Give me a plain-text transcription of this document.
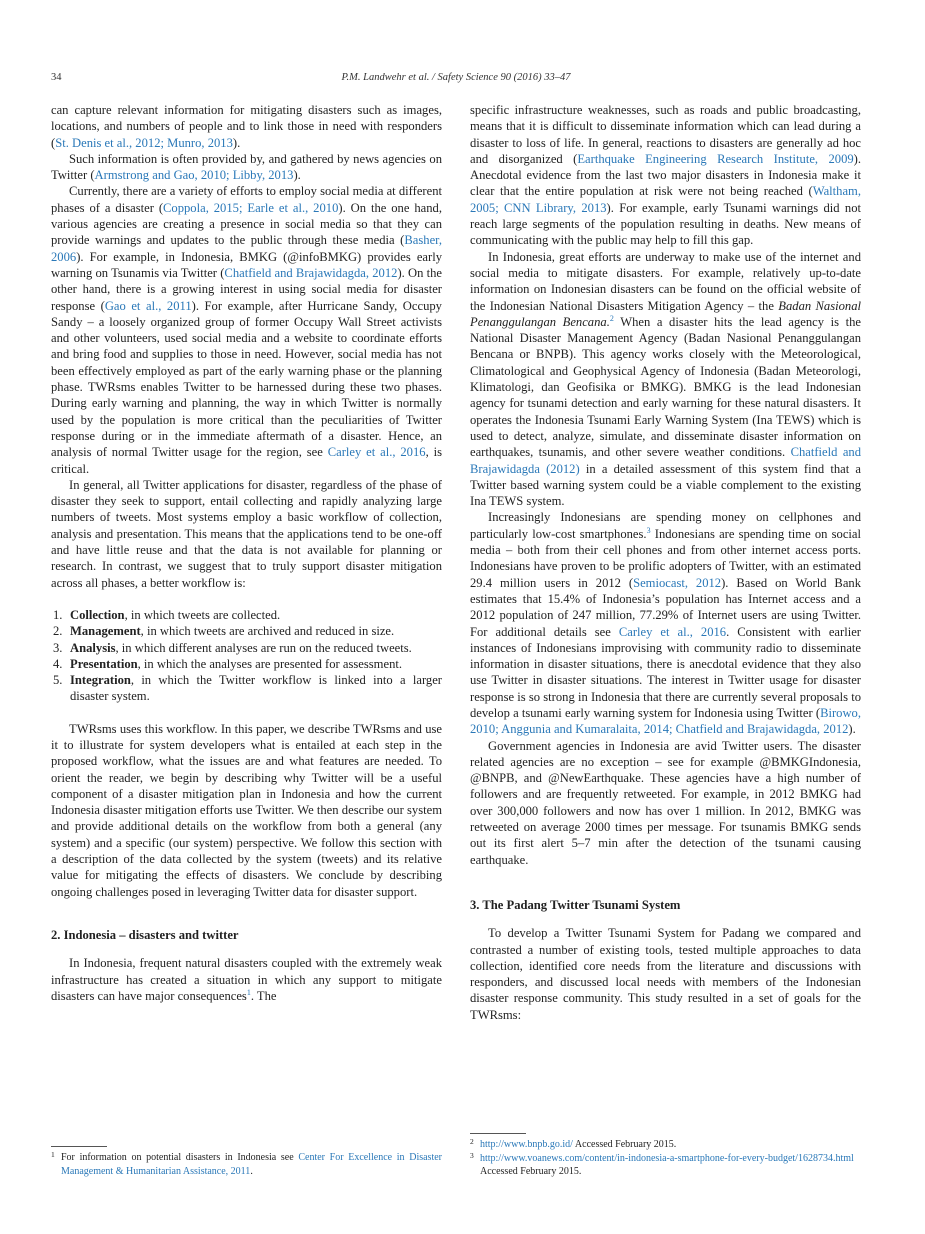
34	P.M. Landwehr et al. / Safety Science 90 (2016) 33–47

can capture relevant information for mitigating disasters such as images, locations, and numbers of people and to link those in need with responders (St. Denis et al., 2012; Munro, 2013).

Such information is often provided by, and gathered by news agencies on Twitter (Armstrong and Gao, 2010; Libby, 2013).

Currently, there are a variety of efforts to employ social media at different phases of a disaster (Coppola, 2015; Earle et al., 2010). On the one hand, various agencies are creating a presence in social media so that they can provide warnings and updates to the public through these media (Basher, 2006). For example, in Indonesia, BMKG (@infoBMKG) provides early warning on Tsunamis via Twitter (Chatfield and Brajawidagda, 2012). On the other hand, there is a growing interest in using social media for disaster response (Gao et al., 2011). For example, after Hurricane Sandy, Occupy Sandy – a loosely organized group of former Occupy Wall Street activists and other volunteers, used social media and a website to coordinate efforts and bring food and supplies to those in need. However, social media has not been effectively employed as part of the early warning phase or the planning phase. TWRsms enables Twitter to be harnessed during these two phases. During early warning and planning, the way in which Twitter is normally used by the population is more critical than the peculiarities of Twitter response during or in the immediate aftermath of a disaster. Hence, an analysis of normal Twitter usage for the region, see Carley et al., 2016, is critical.

In general, all Twitter applications for disaster, regardless of the phase of disaster they seek to support, entail collecting and rapidly analyzing large numbers of tweets. Most systems employ a basic workflow of collection, analysis and presentation. This means that the applications tend to be one-off and have little reuse and that the data is not available for planning or research. In contrast, we suggest that to truly support disaster mitigation across all phases, a better workflow is:

1. Collection, in which tweets are collected.
2. Management, in which tweets are archived and reduced in size.
3. Analysis, in which different analyses are run on the reduced tweets.
4. Presentation, in which the analyses are presented for assessment.
5. Integration, in which the Twitter workflow is linked into a larger disaster system.

TWRsms uses this workflow. In this paper, we describe TWRsms and use it to illustrate for system developers what is entailed at each step in the proposed workflow, what the issues are and what features are needed. To orient the reader, we begin by describing why Twitter will be a useful component of a disaster mitigation plan in Indonesia and how the current Indonesia disaster mitigation efforts use Twitter. We then describe our system and provide additional details on the workflow from both a general (any system) and a specific (our system) perspective. We follow this section with a description of the data collected by the system (tweets) and its relative value for mitigating the effects of disasters. We conclude by describing ongoing challenges posed in leveraging Twitter data for disaster support.

2. Indonesia – disasters and twitter

In Indonesia, frequent natural disasters coupled with the extremely weak infrastructure has created a situation in which any support to mitigate disasters can have major consequences$^1$. The

1 For information on potential disasters in Indonesia see Center For Excellence in Disaster Management & Humanitarian Assistance, 2011.

specific infrastructure weaknesses, such as roads and public broadcasting, means that it is difficult to disseminate information which can lead during a disaster to loss of life. In general, reactions to disasters are generally ad hoc and disorganized (Earthquake Engineering Research Institute, 2009). Anecdotal evidence from the last two major disasters in Indonesia make it clear that the entire population at risk were not being reached (Waltham, 2005; CNN Library, 2013). For example, early Tsunami warnings did not reach large segments of the population resulting in deaths. New means of communicating with the public may help to fill this gap.

In Indonesia, great efforts are underway to make use of the internet and social media to mitigate disasters. For example, relatively up-to-date information on Indonesian disasters can be found on the official website of the Indonesian National Disasters Mitigation Agency – the Badan Nasional Penanggulangan Bencana.$^2$ When a disaster hits the lead agency is the National Disaster Management Agency (Badan Nasional Penanggulangan Bencana or BNPB). This agency works closely with the Meteorological, Climatological and Geophysical Agency of Indonesia (Badan Meteorologi, Klimatologi, dan Geofisika or BMKG). BMKG is the lead Indonesian agency for tsunami detection and early warning for these natural disasters. It operates the Indonesia Tsunami Early Warning System (Ina TEWS) which is used to detect, analyze, simulate, and disseminate disaster information on earthquakes, tsunamis, and other severe weather conditions. Chatfield and Brajawidagda (2012) in a detailed assessment of this system find that a Twitter based warning system could be a viable complement to the existing Ina TEWS system.

Increasingly Indonesians are spending money on cellphones and particularly low-cost smartphones.$^3$ Indonesians are spending time on social media – both from their cell phones and from other internet access ports. Indonesians have proven to be prolific adopters of Twitter, with an estimated 29.4 million users in 2012 (Semiocast, 2012). Based on World Bank estimates that 15.4% of Indonesia’s population has Internet access and a 2012 population of 247 million, 77.29% of Internet users are using Twitter. For additional details see Carley et al., 2016. Consistent with earlier instances of Indonesians improvising with community radio to disseminate information in disaster situations, there is anecdotal evidence that they also use Twitter in disaster situations. The interest in Twitter usage for disaster response is so strong in Indonesia that there are currently several proposals to develop a tsunami early warning system for Indonesia using Twitter (Birowo, 2010; Anggunia and Kumaralaita, 2014; Chatfield and Brajawidagda, 2012).

Government agencies in Indonesia are avid Twitter users. The disaster related agencies are no exception – see for example @BMKGIndonesia, @BNPB, and @NewEarthquake. These agencies have a high number of followers and are frequently retweeted. For example, in 2012 BMKG had over 300,000 followers and now has over 1 million. In 2012, BMKG was retweeted on average 2000 times per message. For tsunamis BMKG sends out its first alert 5–7 min after the detection of the tsunami causing earthquake.

3. The Padang Twitter Tsunami System

To develop a Twitter Tsunami System for Padang we compared and contrasted a number of existing tools, tested multiple approaches to data collection, identified core needs from the literature and discussions with responders, and discussed local needs with members of the Indonesian disaster response community. This study resulted in a set of goals for the TWRsms:

2 http://www.bnpb.go.id/ Accessed February 2015.

3 http://www.voanews.com/content/in-indonesia-a-smartphone-for-every-budget/1628734.html Accessed February 2015.
